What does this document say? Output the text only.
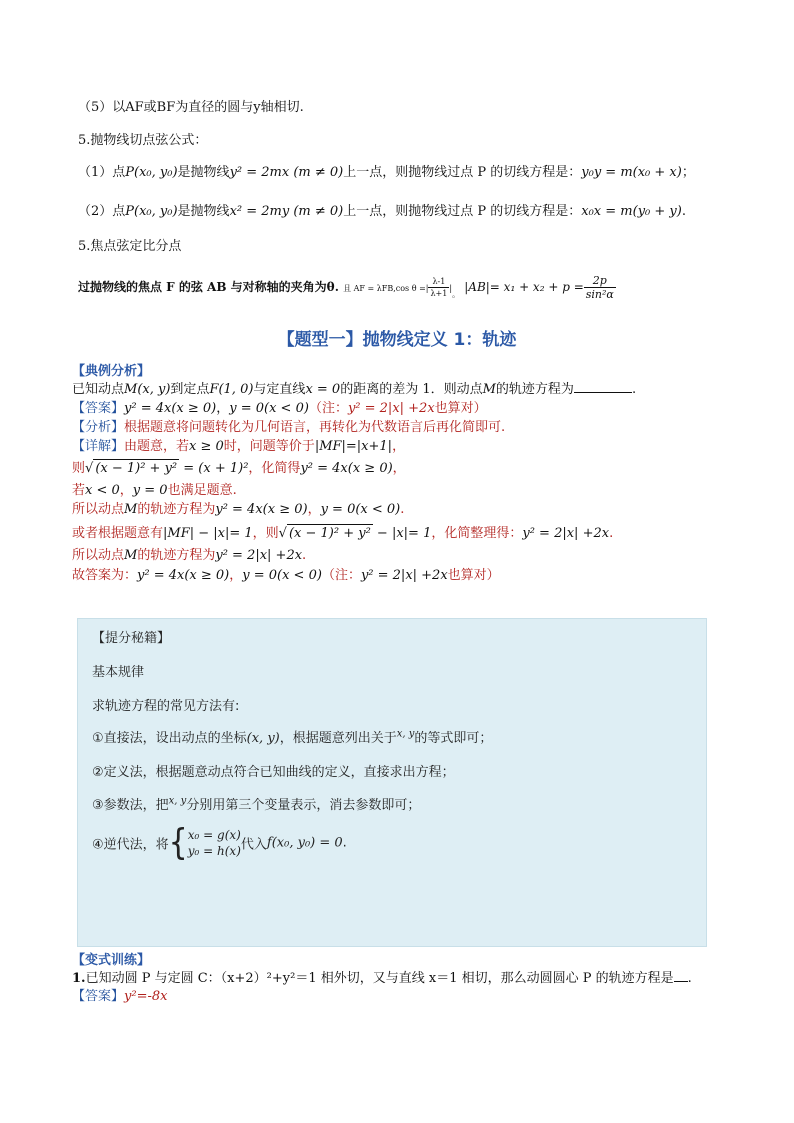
（5）以AF或BF为直径的圆与y轴相切.
5.抛物线切点弦公式：
（1）点P(x₀, y₀)是抛物线y² = 2mx (m ≠ 0)上一点，则抛物线过点 P 的切线方程是：y₀y = m(x₀ + x)；
（2）点P(x₀, y₀)是抛物线x² = 2my (m ≠ 0)上一点，则抛物线过点 P 的切线方程是：x₀x = m(y₀ + y).
5.焦点弦定比分点
过抛物线的焦点 F 的弦 AB 与对称轴的夹角为θ. 且 AF = λFB,cos θ =| $\frac{\lambda-1}{\lambda+1} |_。$ $|AB|= x_1 + x_2 + p = \frac{2p}{\text{sin²α}}$
【题型一】抛物线定义 1：轨迹
【典例分析】
已知动点M(x, y)到定点F(1, 0)与定直线x = 0的距离的差为 1．则动点M的轨迹方程为	.
【答案】y² = 4x(x ≥ 0)，y = 0(x < 0)（注：y² = 2|x| +2x也算对）
【分析】根据题意将问题转化为几何语言，再转化为代数语言后再化简即可.
【详解】由题意，若x ≥ 0时，问题等价于|MF|=|x+1|，
则√ (x − 1)² + y² = (x + 1)²，化简得y² = 4x(x ≥ 0)，
若x < 0，y = 0也满足题意.
所以动点M的轨迹方程为y² = 4x(x ≥ 0)，y = 0(x < 0).
或者根据题意有|MF| − |x|= 1，则√ (x − 1)² + y² − |x|= 1，化简整理得：y² = 2|x| +2x.
所以动点M的轨迹方程为y² = 2|x| +2x.
故答案为：y² = 4x(x ≥ 0)，y = 0(x < 0)（注：y² = 2|x| +2x也算对）
【提分秘籍】
基本规律
求轨迹方程的常见方法有:
①直接法，设出动点的坐标(x, y)，根据题意列出关于$^{x, y}$的等式即可；
②定义法，根据题意动点符合已知曲线的定义，直接求出方程；
③参数法，把$^{x, y}$分别用第三个变量表示，消去参数即可；
④逆代法，将{ x₀ = g(x)
y₀ = h(x) 代入f(x₀, y₀) = 0.
【变式训练】
1.已知动圆 P 与定圆 C：（x+2）²+y²＝1 相外切，又与直线 x＝1 相切，那么动圆圆心 P 的轨迹方程是 .
【答案】y²=-8x
